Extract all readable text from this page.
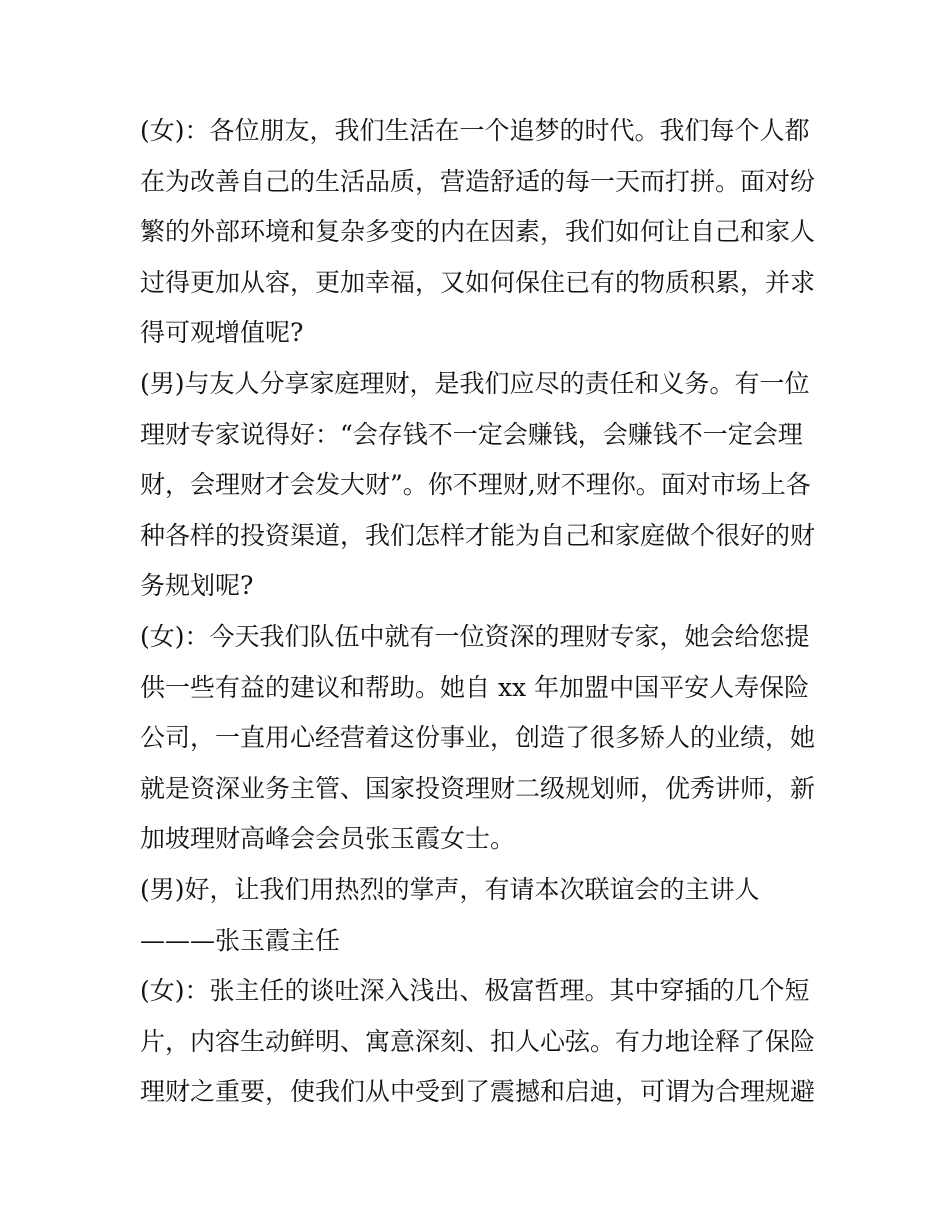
(女)：各位朋友，我们生活在一个追梦的时代。我们每个人都
在为改善自己的生活品质，营造舒适的每一天而打拼。面对纷
繁的外部环境和复杂多变的内在因素，我们如何让自己和家人
过得更加从容，更加幸福，又如何保住已有的物质积累，并求
得可观增值呢?

(男)与友人分享家庭理财，是我们应尽的责任和义务。有一位
理财专家说得好：“会存钱不一定会赚钱，会赚钱不一定会理
财，会理财才会发大财”。你不理财,财不理你。面对市场上各
种各样的投资渠道，我们怎样才能为自己和家庭做个很好的财
务规划呢?

(女)：今天我们队伍中就有一位资深的理财专家，她会给您提
供一些有益的建议和帮助。她自 xx 年加盟中国平安人寿保险
公司，一直用心经营着这份事业，创造了很多矫人的业绩，她
就是资深业务主管、国家投资理财二级规划师，优秀讲师，新
加坡理财高峰会会员张玉霞女士。

(男)好，让我们用热烈的掌声，有请本次联谊会的主讲人
———张玉霞主任

(女)：张主任的谈吐深入浅出、极富哲理。其中穿插的几个短
片，内容生动鲜明、寓意深刻、扣人心弦。有力地诠释了保险
理财之重要，使我们从中受到了震撼和启迪，可谓为合理规避
